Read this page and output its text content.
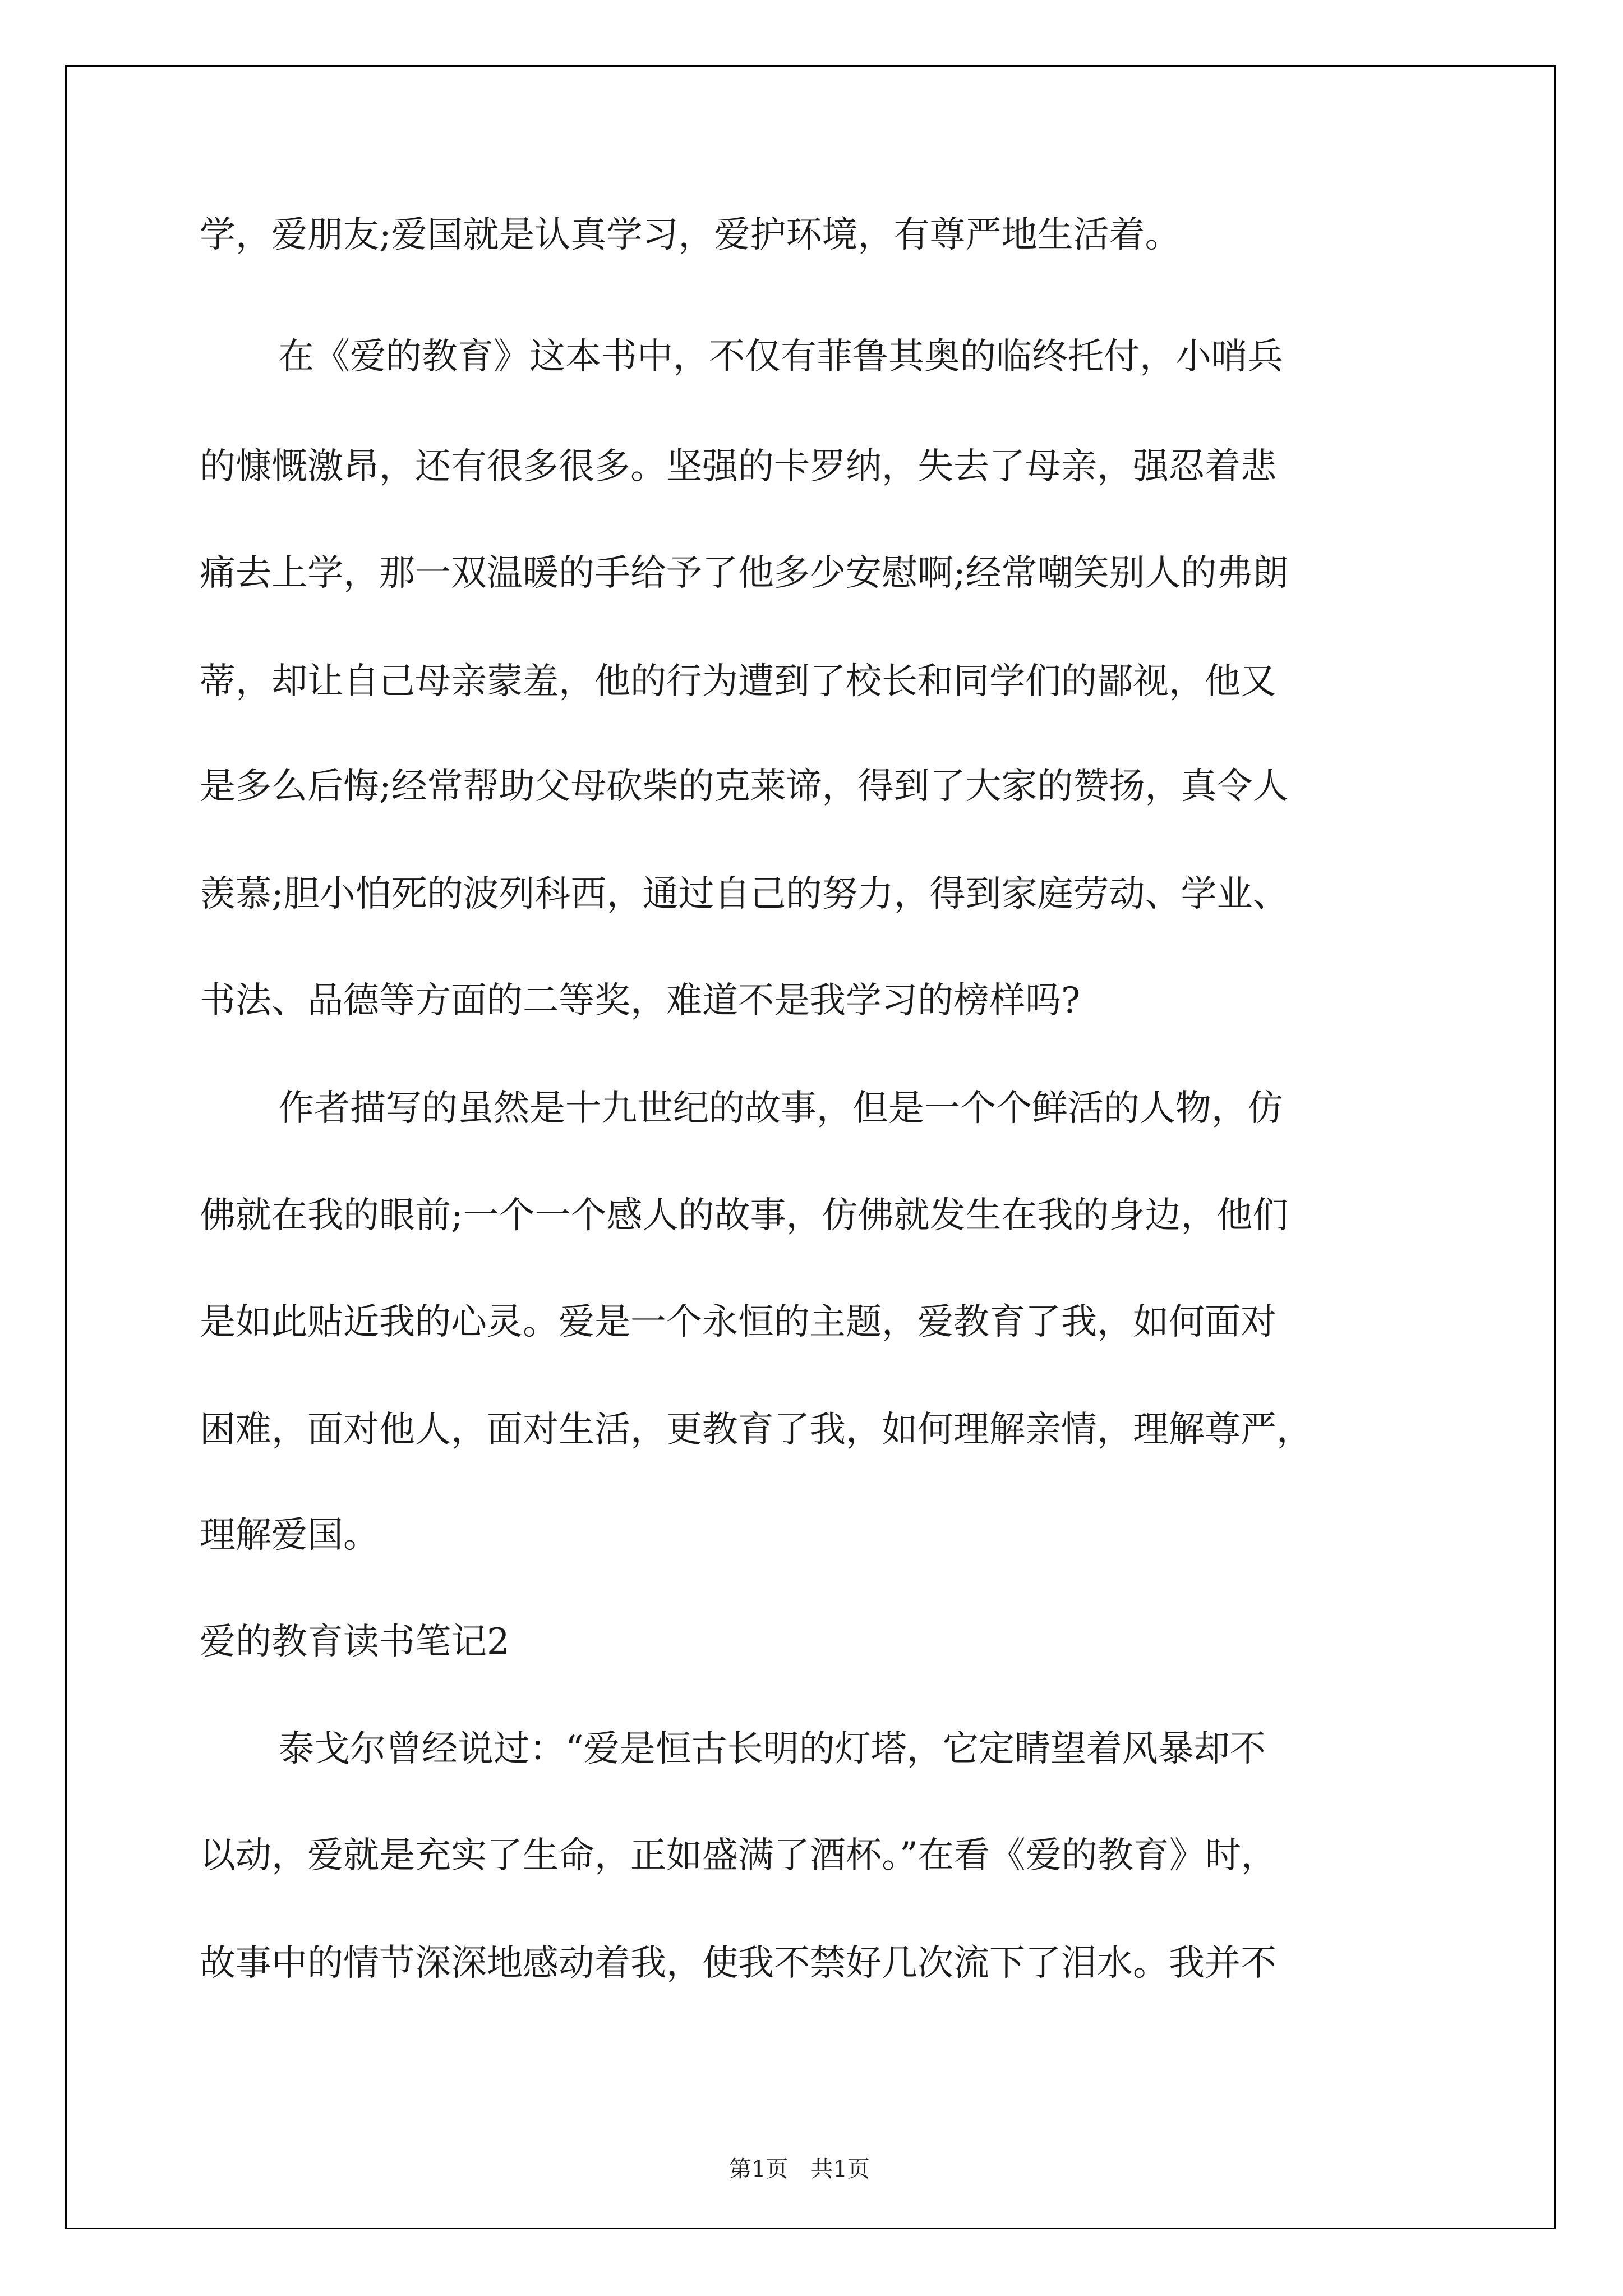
学，爱朋友;爱国就是认真学习，爱护环境，有尊严地生活着。
在《爱的教育》这本书中，不仅有菲鲁其奥的临终托付，小哨兵
的慷慨激昂，还有很多很多。坚强的卡罗纳，失去了母亲，强忍着悲
痛去上学，那一双温暖的手给予了他多少安慰啊;经常嘲笑别人的弗朗
蒂，却让自己母亲蒙羞，他的行为遭到了校长和同学们的鄙视，他又
是多么后悔;经常帮助父母砍柴的克莱谛，得到了大家的赞扬，真令人
羡慕;胆小怕死的波列科西，通过自己的努力，得到家庭劳动、学业、
书法、品德等方面的二等奖，难道不是我学习的榜样吗?
作者描写的虽然是十九世纪的故事，但是一个个鲜活的人物，仿
佛就在我的眼前;一个一个感人的故事，仿佛就发生在我的身边，他们
是如此贴近我的心灵。爱是一个永恒的主题，爱教育了我，如何面对
困难，面对他人，面对生活，更教育了我，如何理解亲情，理解尊严，
理解爱国。
爱的教育读书笔记2
泰戈尔曾经说过：“爱是恒古长明的灯塔，它定睛望着风暴却不
以动，爱就是充实了生命，正如盛满了酒杯。”在看《爱的教育》时，
故事中的情节深深地感动着我，使我不禁好几次流下了泪水。我并不
第1页　共1页
